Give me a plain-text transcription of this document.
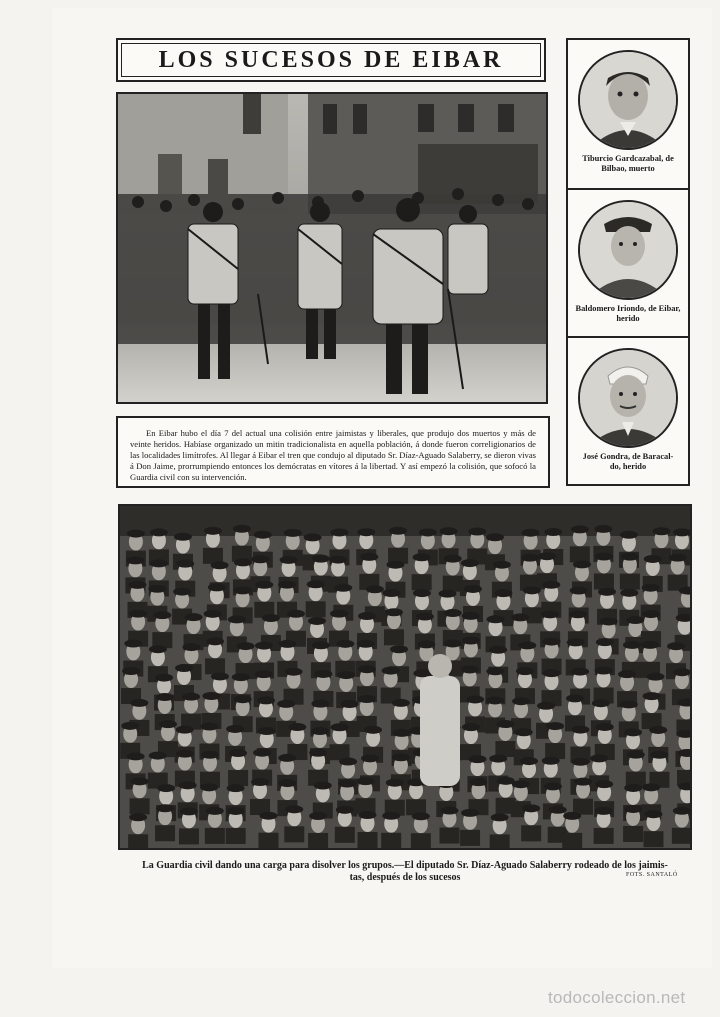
LOS SUCESOS DE EIBAR
En Eibar hubo el día 7 del actual una colisión entre jaimistas y liberales, que produjo dos muertos y más de veinte heridos. Habíase organizado un mitin tradicionalista en aquella población, á donde fueron correligionarios de las localidades limítrofes. Al llegar á Eibar el tren que condujo al diputado Sr. Díaz-Aguado Salaberry, se dieron vivas á Don Jaime, prorrumpiendo entonces los demócratas en vítores á la libertad. Y así empezó la colisión, que sofocó la Guardia civil con su intervención.
Tiburcio Gardcazabal, de
Bilbao, muerto
Baldomero Iriondo, de Eibar,
herido
José Gondra, de Baracal-
do, herido
La Guardia civil dando una carga para disolver los grupos.—El diputado Sr. Díaz-Aguado Salaberry rodeado de los jaimis-
tas, después de los sucesos	FOTS. SANTALÓ
todocoleccion.net
